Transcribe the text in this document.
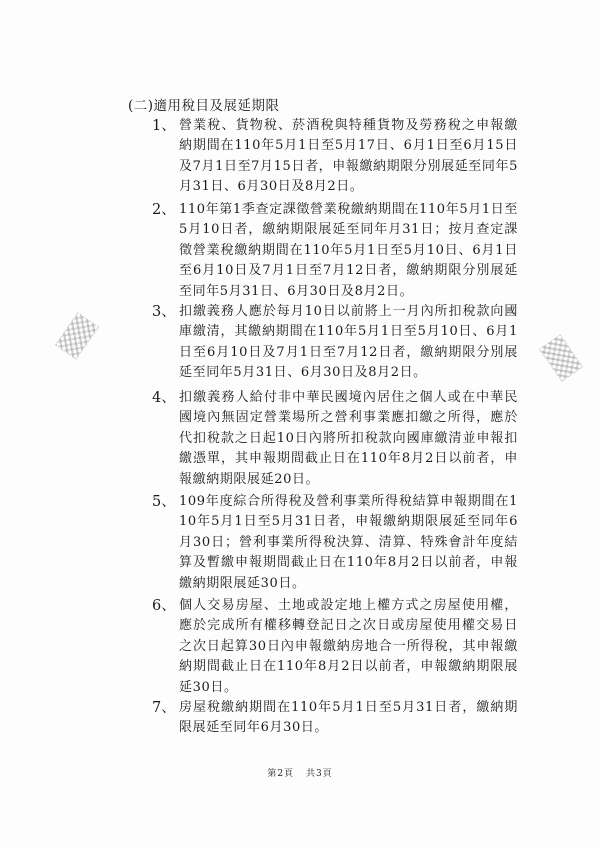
(二)適用稅目及展延期限
1、 營業稅、貨物稅、菸酒稅與特種貨物及勞務稅之申報繳納期間在110年5月1日至5月17日、6月1日至6月15日及7月1日至7月15日者，申報繳納期限分別展延至同年5月31日、6月30日及8月2日。
2、 110年第1季查定課徵營業稅繳納期間在110年5月1日至5月10日者，繳納期限展延至同年月31日；按月查定課徵營業稅繳納期間在110年5月1日至5月10日、6月1日至6月10日及7月1日至7月12日者，繳納期限分別展延至同年5月31日、6月30日及8月2日。
3、 扣繳義務人應於每月10日以前將上一月內所扣稅款向國庫繳清，其繳納期間在110年5月1日至5月10日、6月1日至6月10日及7月1日至7月12日者，繳納期限分別展延至同年5月31日、6月30日及8月2日。
4、 扣繳義務人給付非中華民國境內居住之個人或在中華民國境內無固定營業場所之營利事業應扣繳之所得，應於代扣稅款之日起10日內將所扣稅款向國庫繳清並申報扣繳憑單，其申報期間截止日在110年8月2日以前者，申報繳納期限展延20日。
5、 109年度綜合所得稅及營利事業所得稅結算申報期間在110年5月1日至5月31日者，申報繳納期限展延至同年6月30日；營利事業所得稅決算、清算、特殊會計年度結算及暫繳申報期間截止日在110年8月2日以前者，申報繳納期限展延30日。
6、 個人交易房屋、土地或設定地上權方式之房屋使用權，應於完成所有權移轉登記日之次日或房屋使用權交易日之次日起算30日內申報繳納房地合一所得稅，其申報繳納期間截止日在110年8月2日以前者，申報繳納期限展延30日。
7、 房屋稅繳納期間在110年5月1日至5月31日者，繳納期限展延至同年6月30日。
第2頁 共3頁
